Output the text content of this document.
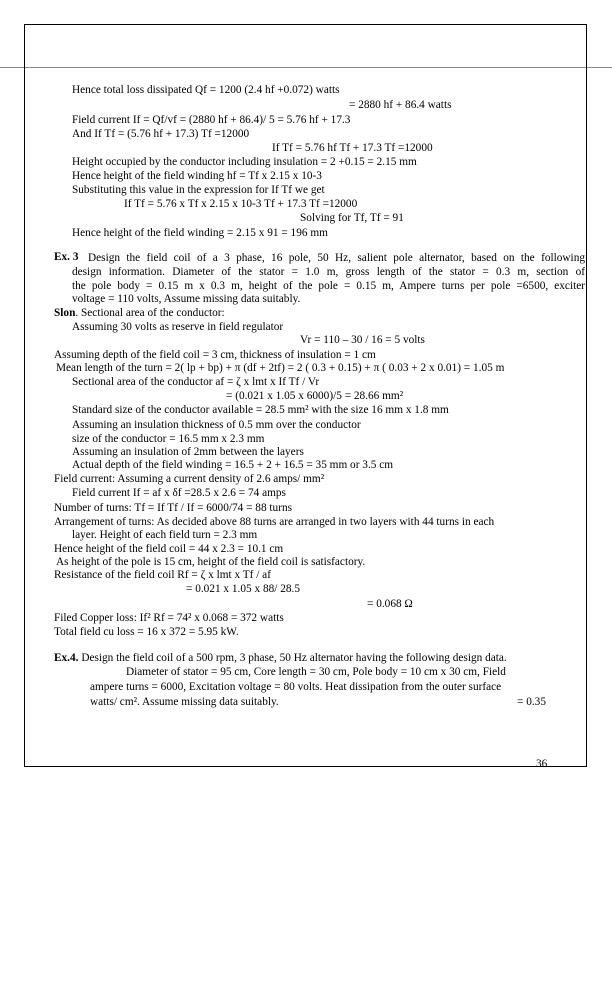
Hence total loss dissipated Qf = 1200 (2.4 hf +0.072) watts
= 2880 hf + 86.4 watts
Field current If = Qf/vf = (2880 hf + 86.4)/ 5 = 5.76 hf + 17.3
And If Tf = (5.76 hf + 17.3) Tf =12000
If Tf = 5.76 hf Tf + 17.3 Tf =12000
Height occupied by the conductor including insulation = 2 +0.15 = 2.15 mm
Hence height of the field winding hf = Tf x 2.15 x 10-3
Substituting this value in the expression for If Tf we get
If Tf = 5.76 x Tf x 2.15 x 10-3 Tf + 17.3 Tf =12000
Solving for Tf, Tf = 91
Hence height of the field winding = 2.15 x 91 = 196 mm
Ex. 3 Design the field coil of a 3 phase, 16 pole, 50 Hz, salient pole alternator, based on the following
design information. Diameter of the stator = 1.0 m, gross length of the stator = 0.3 m, section of
the pole body = 0.15 m x 0.3 m, height of the pole = 0.15 m, Ampere turns per pole =6500, exciter
voltage = 110 volts, Assume missing data suitably.
Slon. Sectional area of the conductor:
Assuming 30 volts as reserve in field regulator
Vr = 110 – 30 / 16 = 5 volts
Assuming depth of the field coil = 3 cm, thickness of insulation = 1 cm
Mean length of the turn = 2( lp + bp) + π (df + 2tf) = 2 ( 0.3 + 0.15) + π ( 0.03 + 2 x 0.01) = 1.05 m
Sectional area of the conductor af = ζ x lmt x If Tf / Vr
= (0.021 x 1.05 x 6000)/5 = 28.66 mm²
Standard size of the conductor available = 28.5 mm² with the size 16 mm x 1.8 mm
Assuming an insulation thickness of 0.5 mm over the conductor
size of the conductor = 16.5 mm x 2.3 mm
Assuming an insulation of 2mm between the layers
Actual depth of the field winding = 16.5 + 2 + 16.5 = 35 mm or 3.5 cm
Field current: Assuming a current density of 2.6 amps/ mm²
Field current If = af x δf =28.5 x 2.6 = 74 amps
Number of turns: Tf = If Tf / If = 6000/74 = 88 turns
Arrangement of turns: As decided above 88 turns are arranged in two layers with 44 turns in each
layer. Height of each field turn = 2.3 mm
Hence height of the field coil = 44 x 2.3 = 10.1 cm
As height of the pole is 15 cm, height of the field coil is satisfactory.
Resistance of the field coil Rf = ζ x lmt x Tf / af
= 0.021 x 1.05 x 88/ 28.5
= 0.068 Ω
Filed Copper loss: If² Rf = 74² x 0.068 = 372 watts
Total field cu loss = 16 x 372 = 5.95 kW.
Ex.4. Design the field coil of a 500 rpm, 3 phase, 50 Hz alternator having the following design data.
Diameter of stator = 95 cm, Core length = 30 cm, Pole body = 10 cm x 30 cm, Field
ampere turns = 6000, Excitation voltage = 80 volts. Heat dissipation from the outer surface
watts/ cm². Assume missing data suitably.	= 0.35
36
